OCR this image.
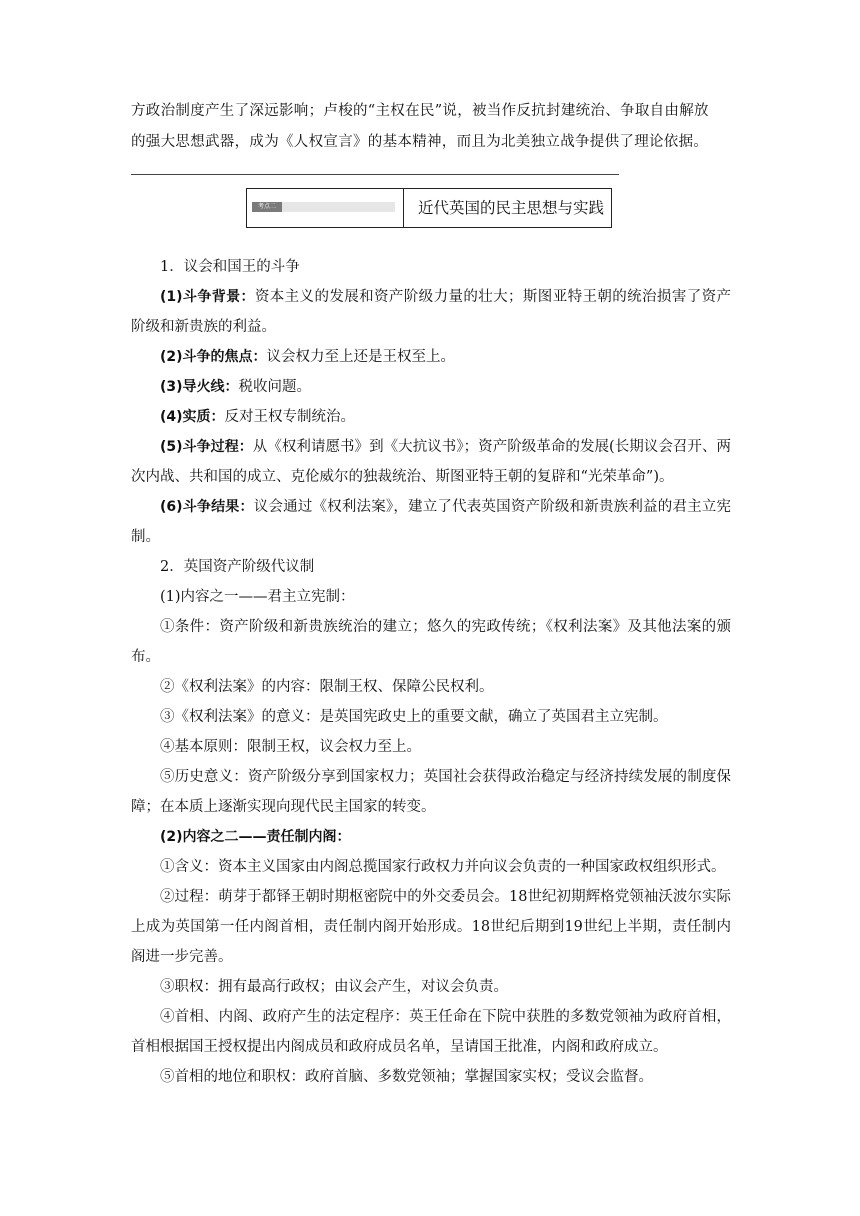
方政治制度产生了深远影响；卢梭的“主权在民”说，被当作反抗封建统治、争取自由解放

的强大思想武器，成为《人权宣言》的基本精神，而且为北美独立战争提供了理论依据。

考点二	近代英国的民主思想与实践

1．议会和国王的斗争

(1)斗争背景：资本主义的发展和资产阶级力量的壮大；斯图亚特王朝的统治损害了资产阶级和新贵族的利益。

(2)斗争的焦点：议会权力至上还是王权至上。

(3)导火线：税收问题。

(4)实质：反对王权专制统治。

(5)斗争过程：从《权利请愿书》到《大抗议书》；资产阶级革命的发展(长期议会召开、两次内战、共和国的成立、克伦威尔的独裁统治、斯图亚特王朝的复辟和“光荣革命”)。

(6)斗争结果：议会通过《权利法案》，建立了代表英国资产阶级和新贵族利益的君主立宪制。

2．英国资产阶级代议制

(1)内容之一——君主立宪制：

①条件：资产阶级和新贵族统治的建立；悠久的宪政传统；《权利法案》及其他法案的颁布。

②《权利法案》的内容：限制王权、保障公民权利。

③《权利法案》的意义：是英国宪政史上的重要文献，确立了英国君主立宪制。

④基本原则：限制王权，议会权力至上。

⑤历史意义：资产阶级分享到国家权力；英国社会获得政治稳定与经济持续发展的制度保障；在本质上逐渐实现向现代民主国家的转变。

(2)内容之二——责任制内阁：

①含义：资本主义国家由内阁总揽国家行政权力并向议会负责的一种国家政权组织形式。

②过程：萌芽于都铎王朝时期枢密院中的外交委员会。18世纪初期辉格党领袖沃波尔实际上成为英国第一任内阁首相，责任制内阁开始形成。18世纪后期到19世纪上半期，责任制内阁进一步完善。

③职权：拥有最高行政权；由议会产生，对议会负责。

④首相、内阁、政府产生的法定程序：英王任命在下院中获胜的多数党领袖为政府首相，首相根据国王授权提出内阁成员和政府成员名单，呈请国王批准，内阁和政府成立。

⑤首相的地位和职权：政府首脑、多数党领袖；掌握国家实权；受议会监督。
